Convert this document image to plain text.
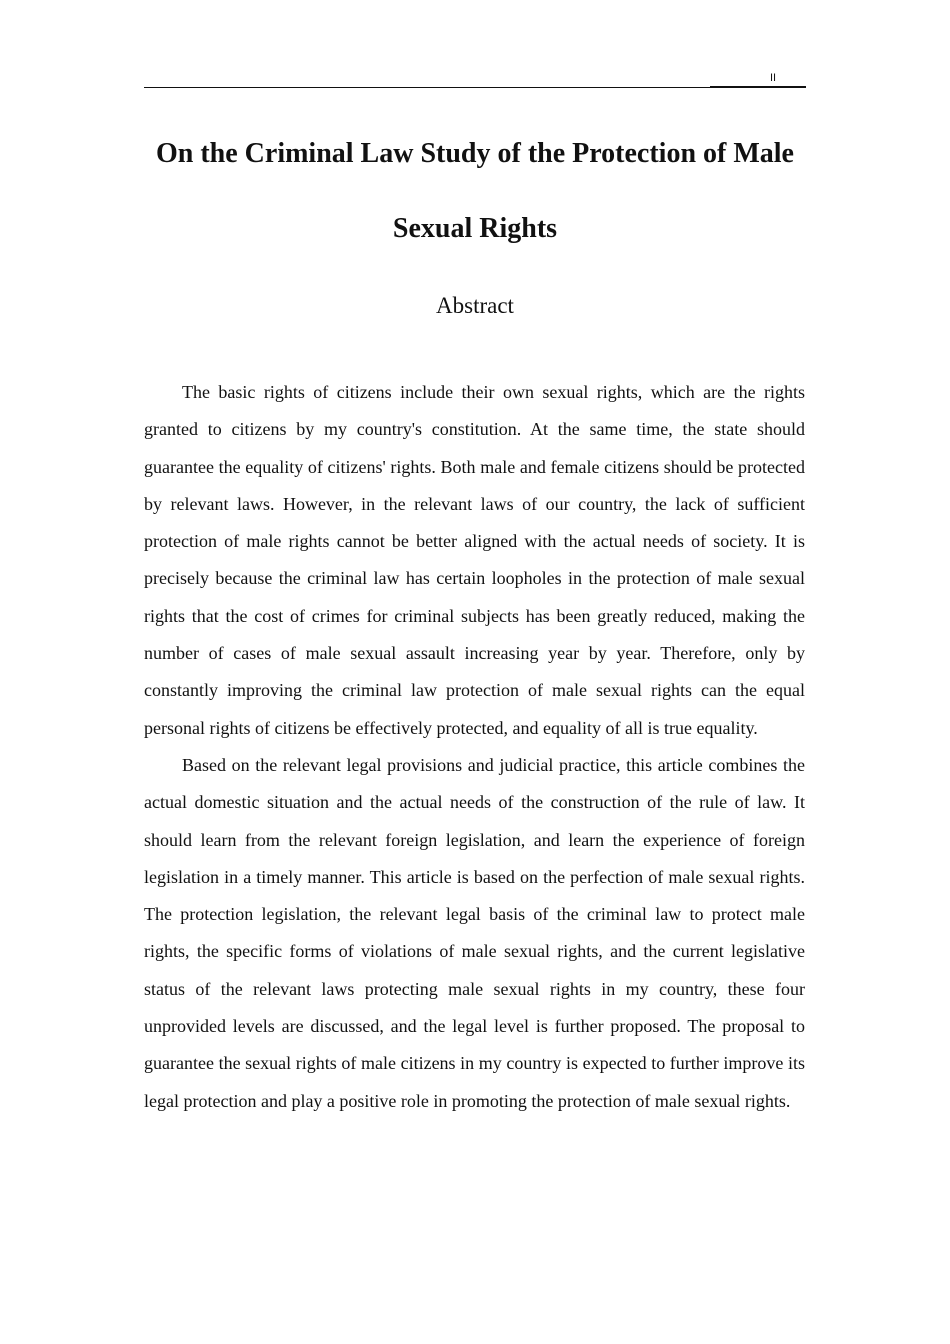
II
On the Criminal Law Study of the Protection of Male Sexual Rights
Abstract

The basic rights of citizens include their own sexual rights, which are the rights granted to citizens by my country's constitution. At the same time, the state should guarantee the equality of citizens' rights. Both male and female citizens should be protected by relevant laws. However, in the relevant laws of our country, the lack of sufficient protection of male rights cannot be better aligned with the actual needs of society. It is precisely because the criminal law has certain loopholes in the protection of male sexual rights that the cost of crimes for criminal subjects has been greatly reduced, making the number of cases of male sexual assault increasing year by year. Therefore, only by constantly improving the criminal law protection of male sexual rights can the equal personal rights of citizens be effectively protected, and equality of all is true equality.

Based on the relevant legal provisions and judicial practice, this article combines the actual domestic situation and the actual needs of the construction of the rule of law. It should learn from the relevant foreign legislation, and learn the experience of foreign legislation in a timely manner. This article is based on the perfection of male sexual rights. The protection legislation, the relevant legal basis of the criminal law to protect male rights, the specific forms of violations of male sexual rights, and the current legislative status of the relevant laws protecting male sexual rights in my country, these four unprovided levels are discussed, and the legal level is further proposed. The proposal to guarantee the sexual rights of male citizens in my country is expected to further improve its legal protection and play a positive role in promoting the protection of male sexual rights.
